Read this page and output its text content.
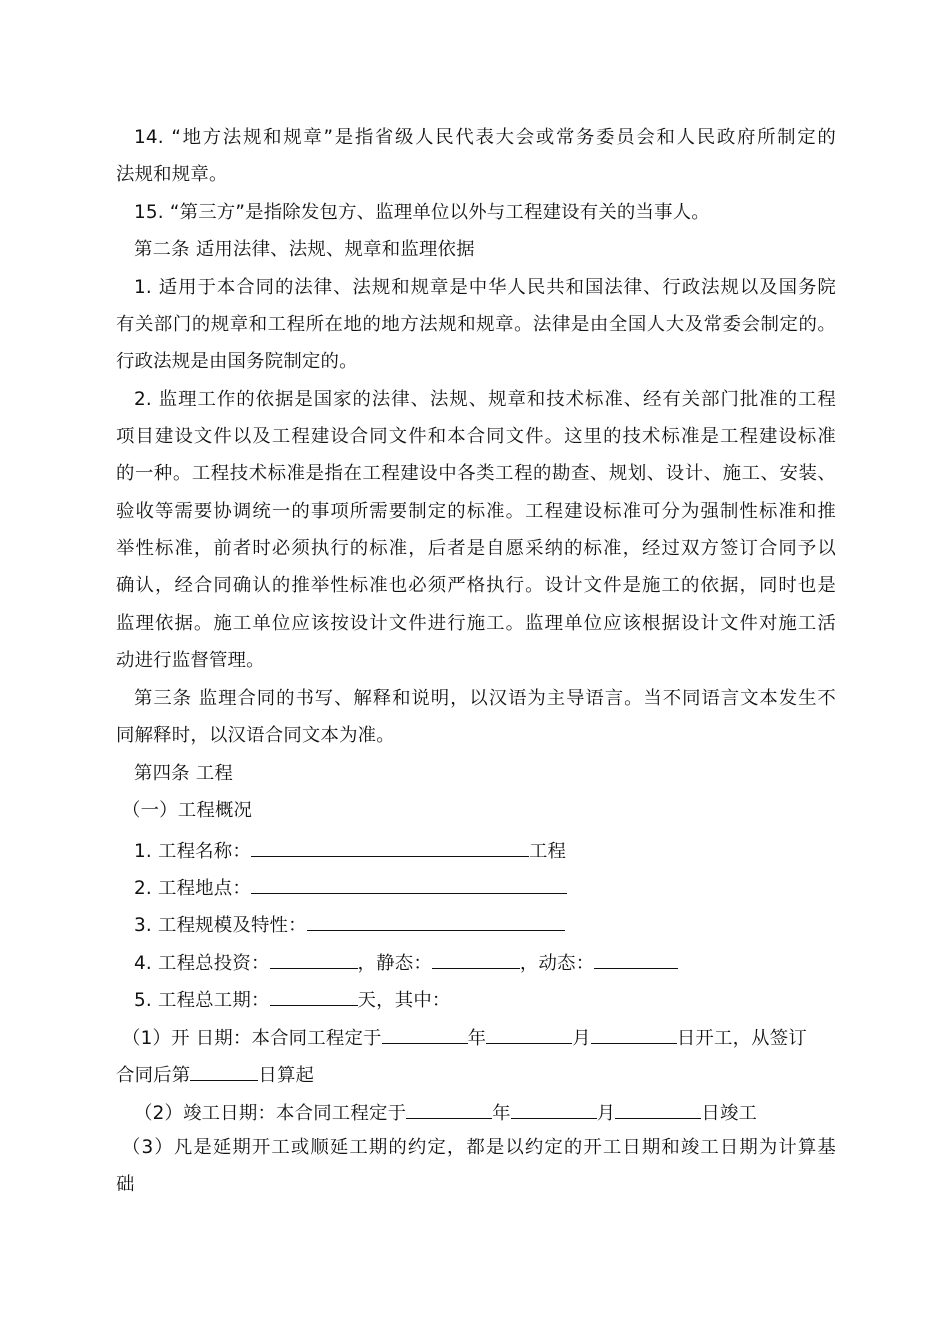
14. “地方法规和规章”是指省级人民代表大会或常务委员会和人民政府所制定的
法规和规章。
15. “第三方”是指除发包方、监理单位以外与工程建设有关的当事人。
第二条 适用法律、法规、规章和监理依据
1. 适用于本合同的法律、法规和规章是中华人民共和国法律、行政法规以及国务院
有关部门的规章和工程所在地的地方法规和规章。法律是由全国人大及常委会制定的。
行政法规是由国务院制定的。
2. 监理工作的依据是国家的法律、法规、规章和技术标准、经有关部门批准的工程
项目建设文件以及工程建设合同文件和本合同文件。这里的技术标准是工程建设标准
的一种。工程技术标准是指在工程建设中各类工程的勘查、规划、设计、施工、安装、
验收等需要协调统一的事项所需要制定的标准。工程建设标准可分为强制性标准和推
举性标准，前者时必须执行的标准，后者是自愿采纳的标准，经过双方签订合同予以
确认，经合同确认的推举性标准也必须严格执行。设计文件是施工的依据，同时也是
监理依据。施工单位应该按设计文件进行施工。监理单位应该根据设计文件对施工活
动进行监督管理。
第三条 监理合同的书写、解释和说明，以汉语为主导语言。当不同语言文本发生不
同解释时，以汉语合同文本为准。
第四条 工程
（一）工程概况
1. 工程名称：	工程
2. 工程地点：
3. 工程规模及特性：
4. 工程总投资：	，静态：	，动态：
5. 工程总工期：	天，其中：
（1）开 日期：本合同工程定于	年	月	日开工，从签订
合同后第	日算起
（2）竣工日期：本合同工程定于	年	月	日竣工
（3）凡是延期开工或顺延工期的约定，都是以约定的开工日期和竣工日期为计算基
础
